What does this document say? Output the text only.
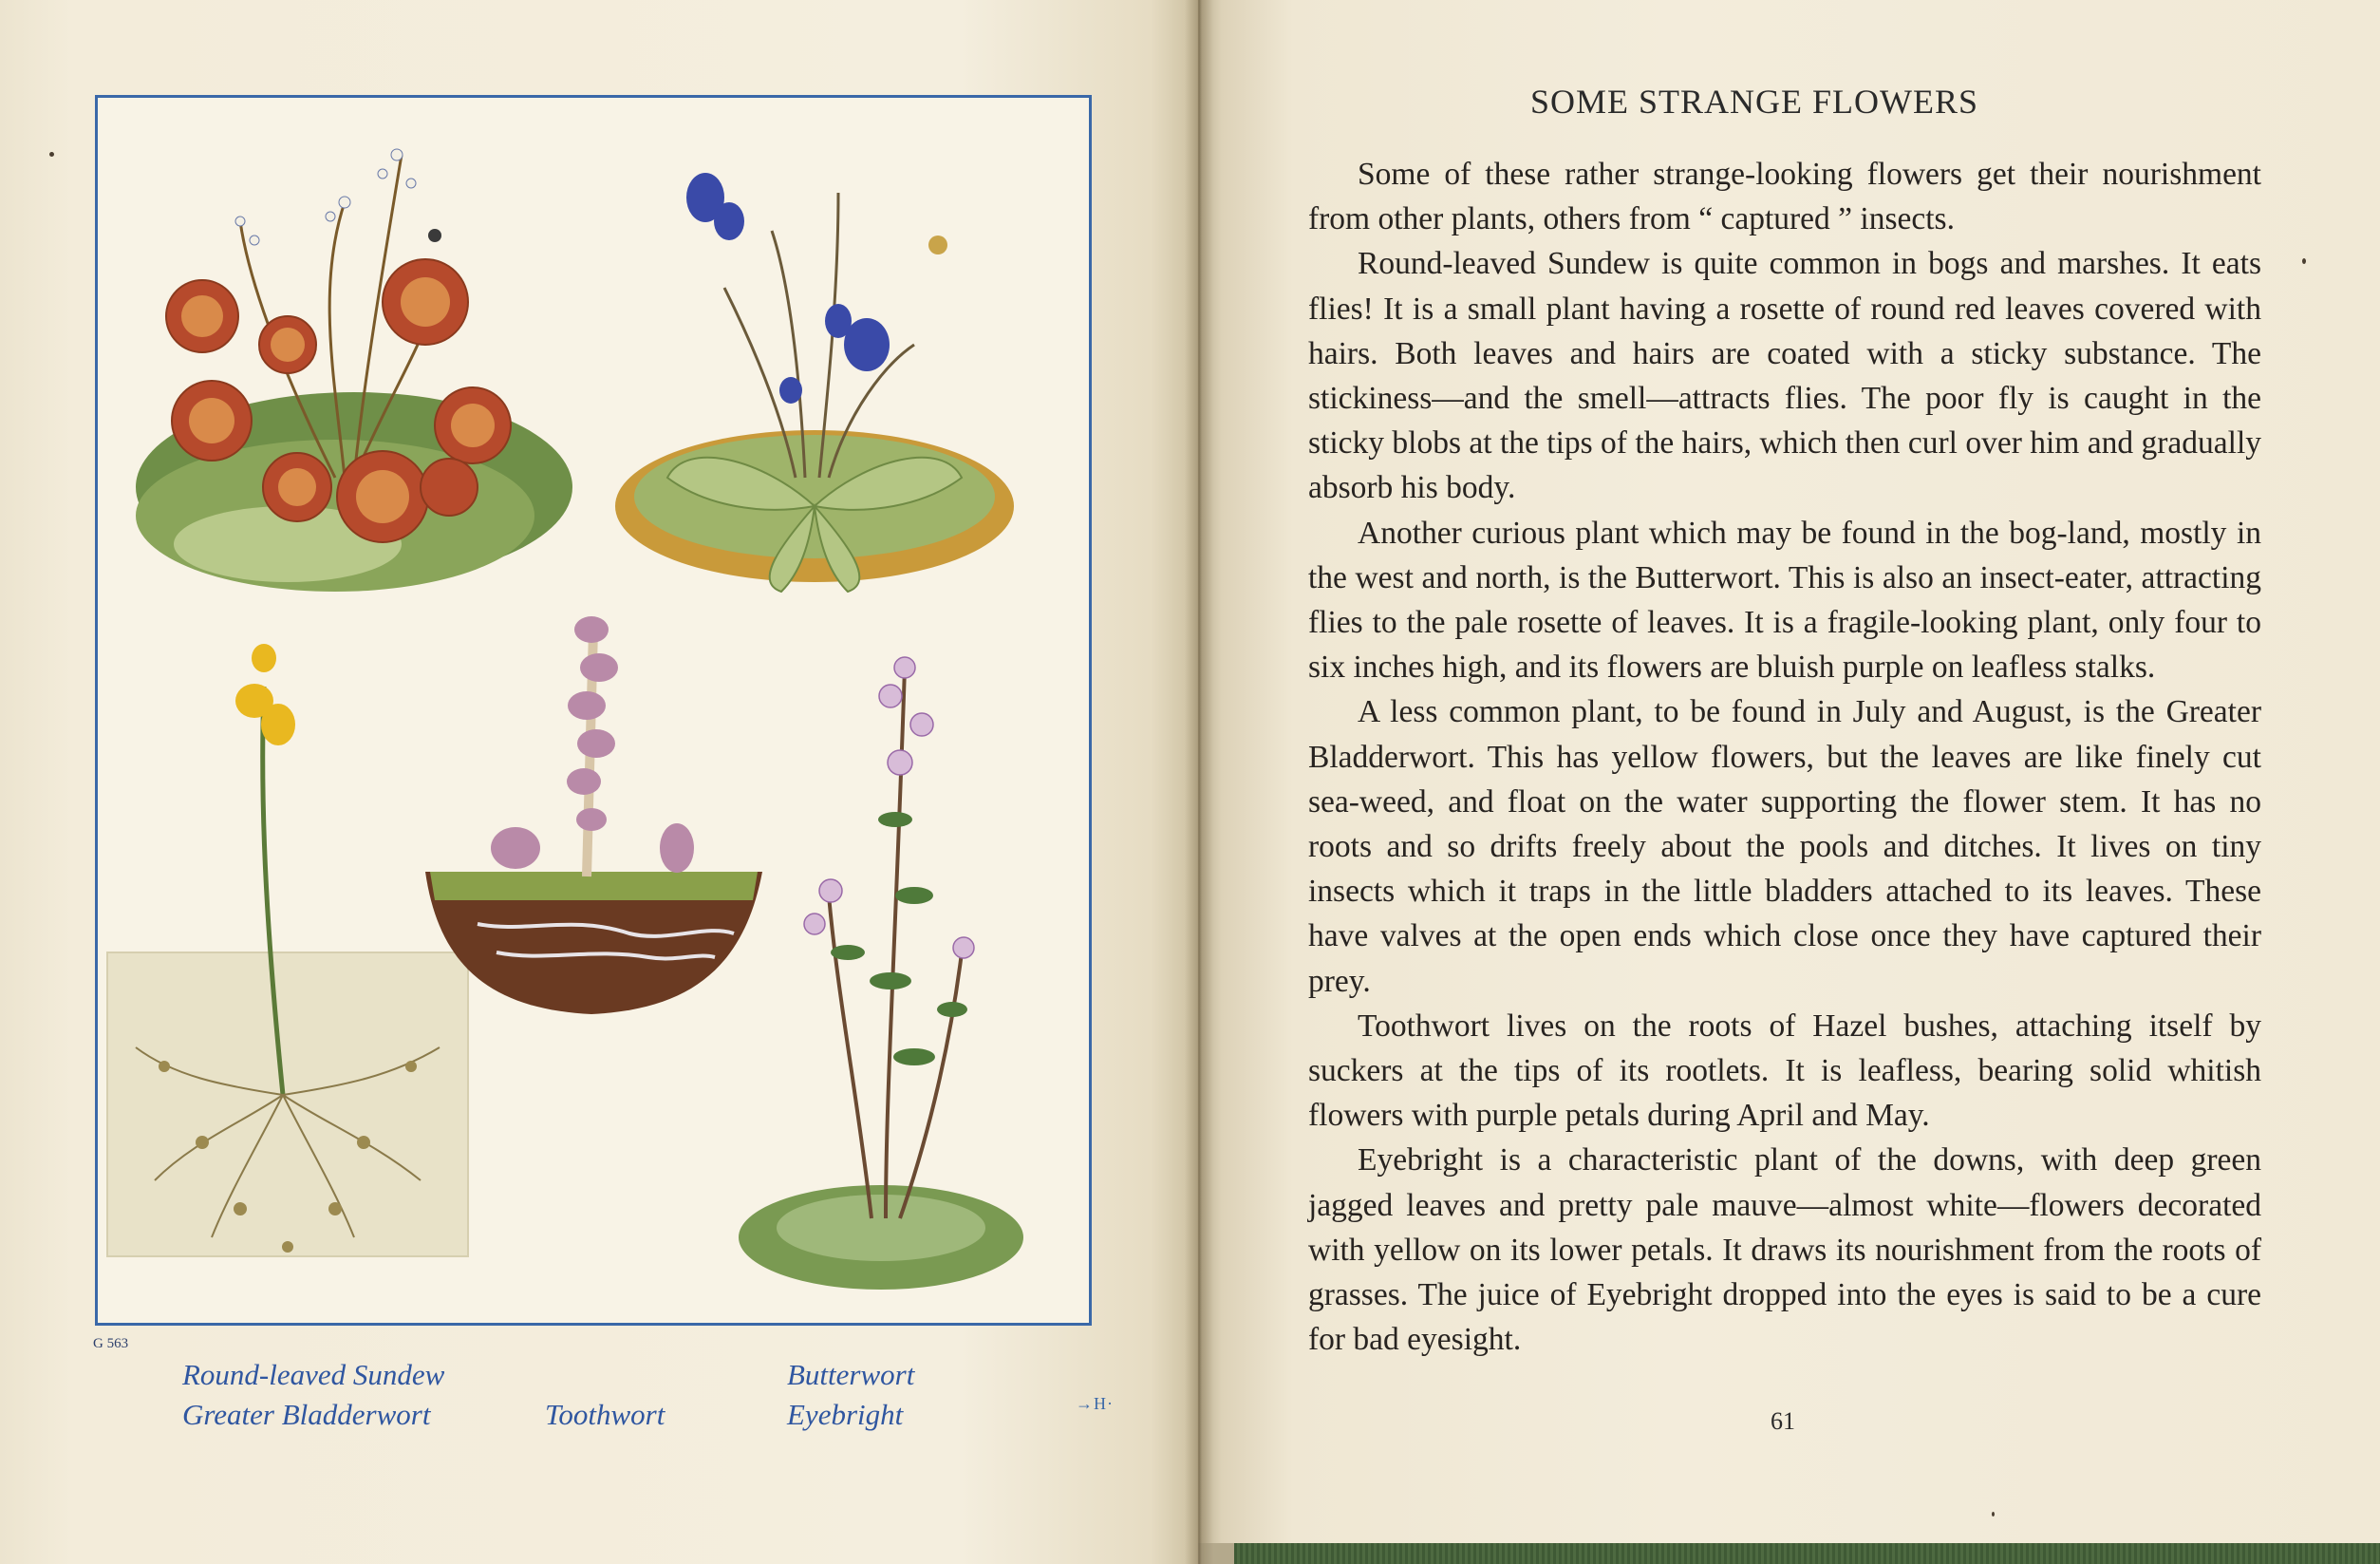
→H·
G 563
Round-leaved Sundew	Butterwort
Greater Bladderwort	Toothwort	Eyebright
SOME STRANGE FLOWERS

Some of these rather strange-looking flowers get their nourishment from other plants, others from “ captured ” insects.

Round-leaved Sundew is quite common in bogs and marshes. It eats flies! It is a small plant having a rosette of round red leaves covered with hairs. Both leaves and hairs are coated with a sticky substance. The stickiness—and the smell—attracts flies. The poor fly is caught in the sticky blobs at the tips of the hairs, which then curl over him and gradually absorb his body.

Another curious plant which may be found in the bog-land, mostly in the west and north, is the Butterwort. This is also an insect-eater, attracting flies to the pale rosette of leaves. It is a fragile-looking plant, only four to six inches high, and its flowers are bluish purple on leafless stalks.

A less common plant, to be found in July and August, is the Greater Bladderwort. This has yellow flowers, but the leaves are like finely cut sea-weed, and float on the water supporting the flower stem. It has no roots and so drifts freely about the pools and ditches. It lives on tiny insects which it traps in the little bladders attached to its leaves. These have valves at the open ends which close once they have captured their prey.

Toothwort lives on the roots of Hazel bushes, attaching itself by suckers at the tips of its rootlets. It is leafless, bearing solid whitish flowers with purple petals during April and May.

Eyebright is a characteristic plant of the downs, with deep green jagged leaves and pretty pale mauve—almost white—flowers decorated with yellow on its lower petals. It draws its nourishment from the roots of grasses. The juice of Eyebright dropped into the eyes is said to be a cure for bad eyesight.

61
